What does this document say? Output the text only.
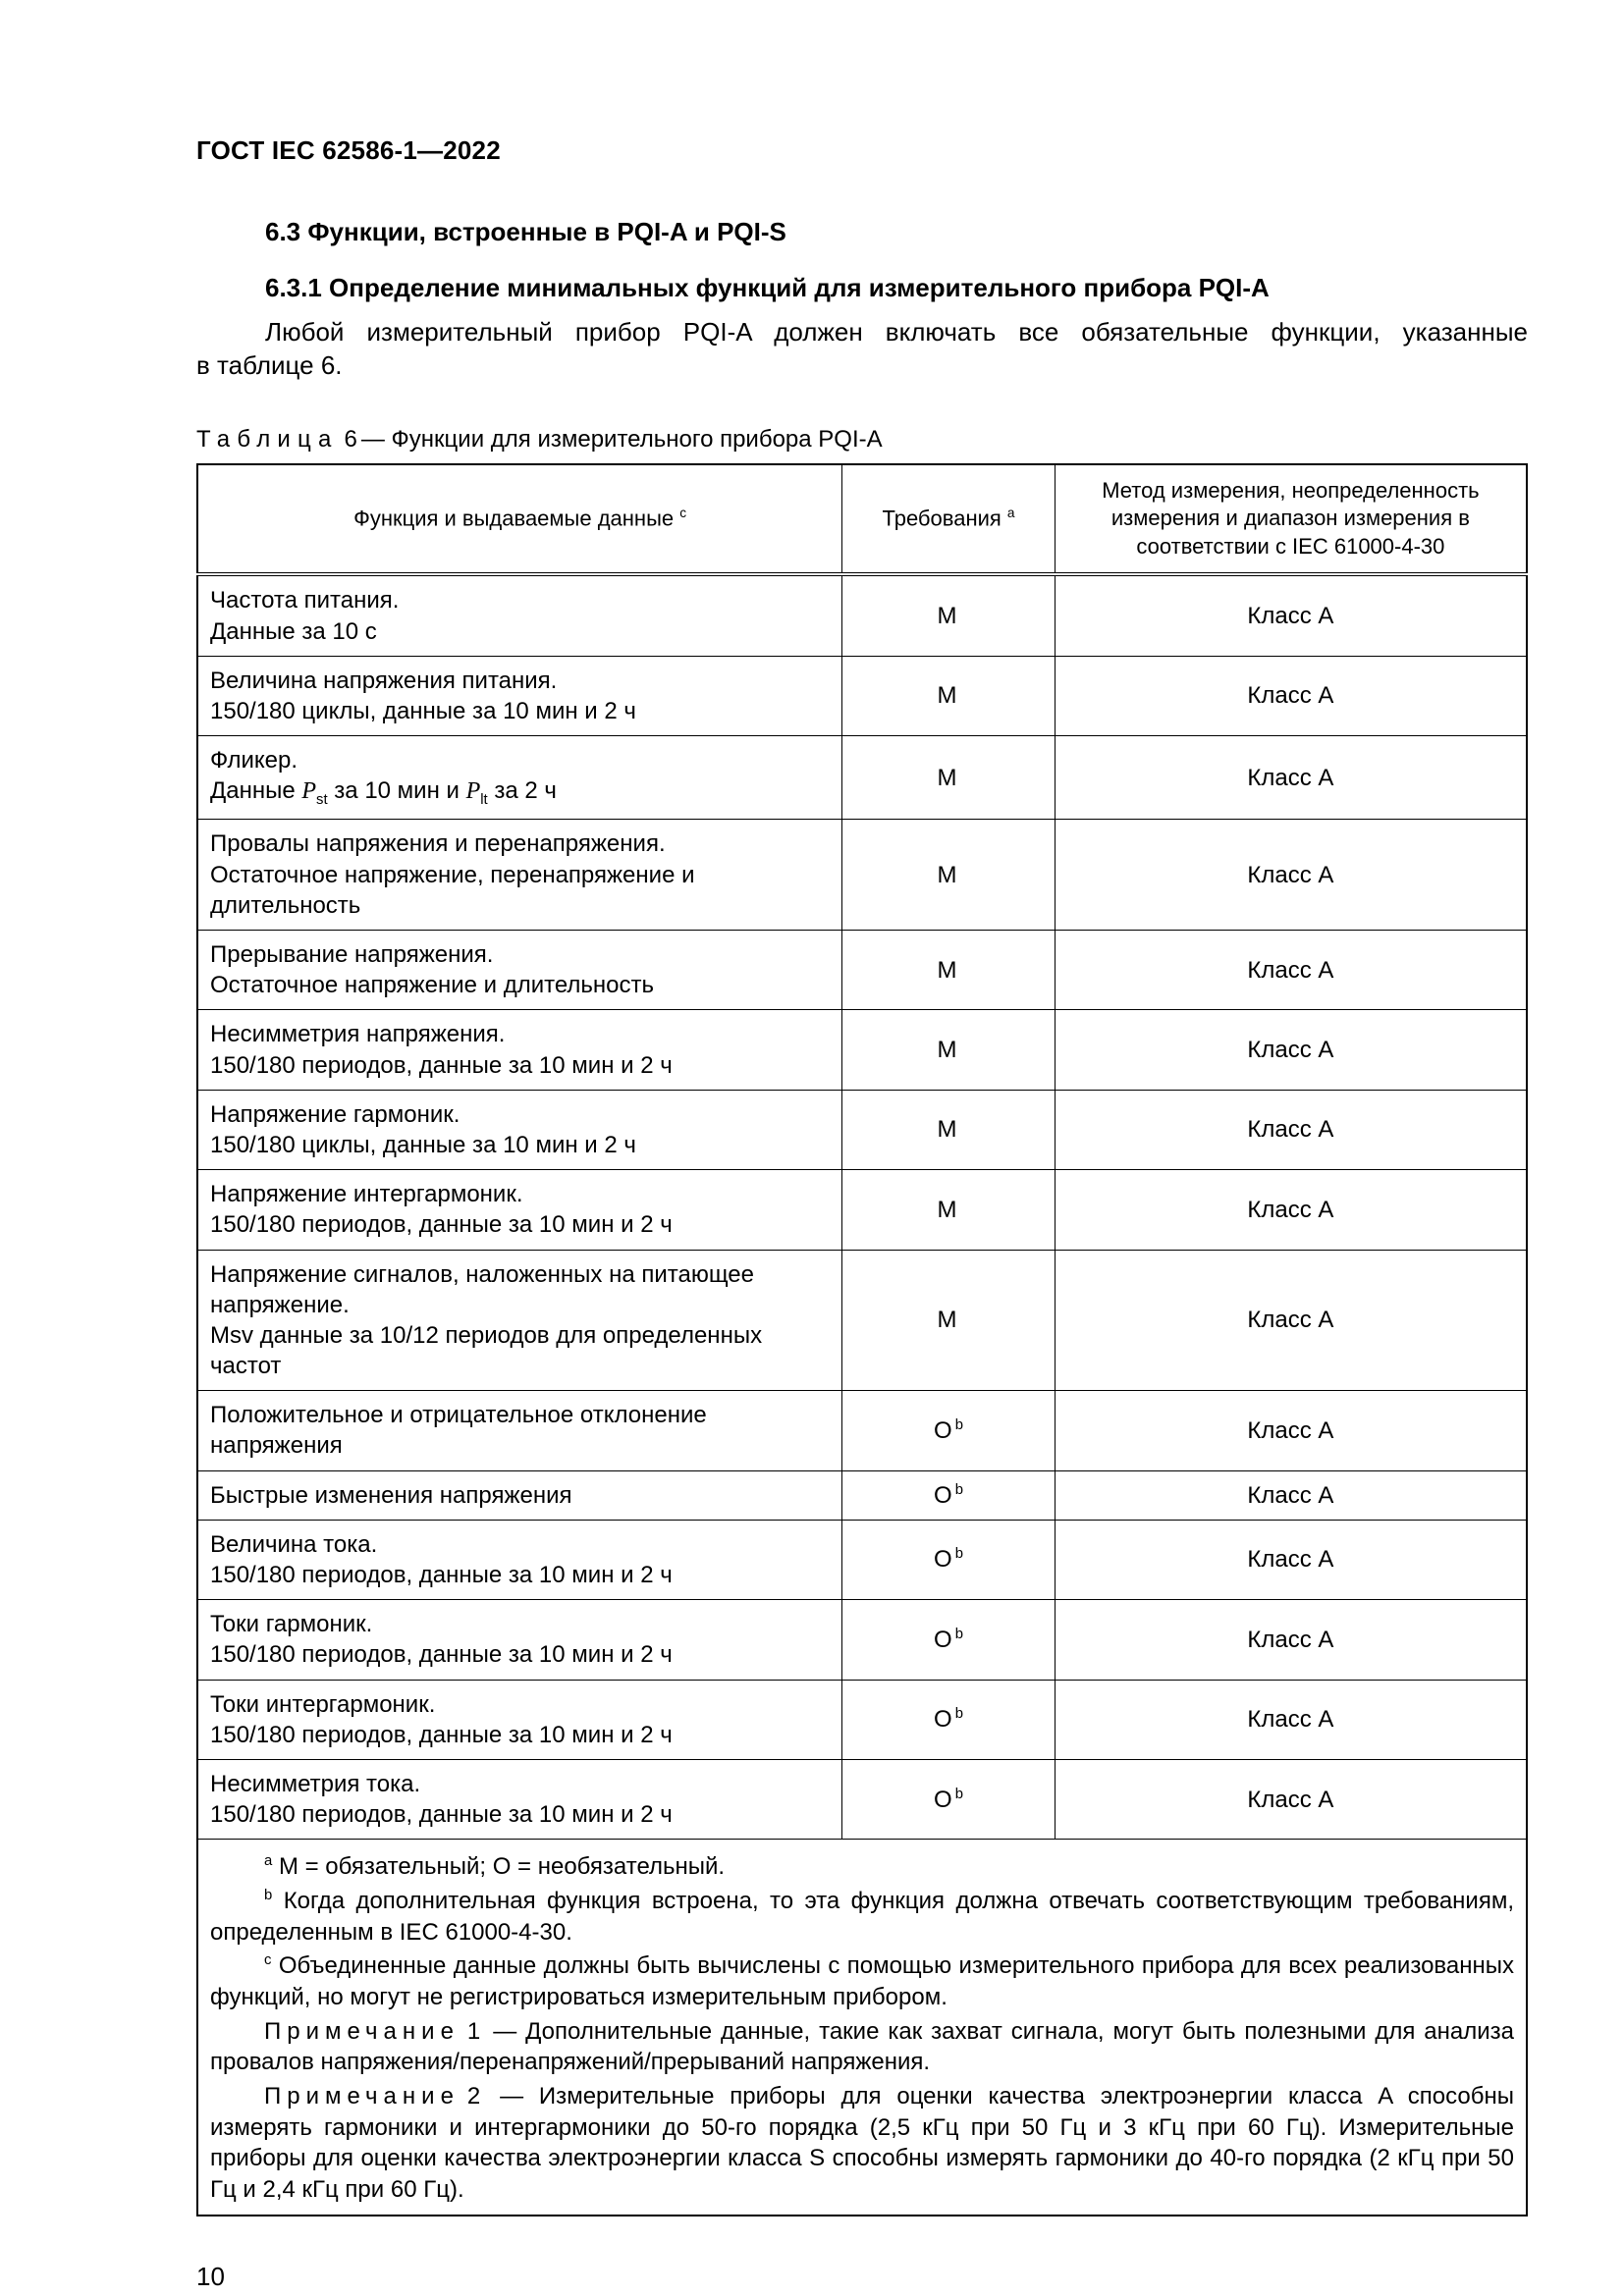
ГОСТ IEC 62586-1—2022
6.3 Функции, встроенные в PQI-A и PQI-S
6.3.1 Определение минимальных функций для измерительного прибора PQI-A

Любой измерительный прибор PQI-A должен включать все обязательные функции, указанные
в таблице 6.

Таблица 6 — Функции для измерительного прибора PQI-A

Функция и выдаваемые данные $^c$	Требования $^a$	Метод измерения, неопределенность измерения и диапазон измерения в соответствии с IEC 61000-4-30

Частота питания.
Данные за 10 с	M	Класс A

Величина напряжения питания.
150/180 циклы, данные за 10 мин и 2 ч	M	Класс A

Фликер.
Данные $P_{st}$ за 10 мин и $P_{lt}$ за 2 ч	M	Класс A

Провалы напряжения и перенапряжения.
Остаточное напряжение, перенапряжение и длительность	M	Класс A

Прерывание напряжения.
Остаточное напряжение и длительность	M	Класс A

Несимметрия напряжения.
150/180 периодов, данные за 10 мин и 2 ч	M	Класс A

Напряжение гармоник.
150/180 циклы, данные за 10 мин и 2 ч	M	Класс A

Напряжение интергармоник.
150/180 периодов, данные за 10 мин и 2 ч	M	Класс A

Напряжение сигналов, наложенных на питающее напряжение.
Msv данные за 10/12 периодов для определенных частот	M	Класс A

Положительное и отрицательное отклонение напряжения	О $^b$	Класс A

Быстрые изменения напряжения	О $^b$	Класс A

Величина тока.
150/180 периодов, данные за 10 мин и 2 ч	О $^b$	Класс A

Токи гармоник.
150/180 периодов, данные за 10 мин и 2 ч	О $^b$	Класс A

Токи интергармоник.
150/180 периодов, данные за 10 мин и 2 ч	О $^b$	Класс A

Несимметрия тока.
150/180 периодов, данные за 10 мин и 2 ч	О $^b$	Класс A

$^a$ M = обязательный; О = необязательный.

$^b$ Когда дополнительная функция встроена, то эта функция должна отвечать соответствующим требованиям, определенным в IEC 61000-4-30.

$^c$ Объединенные данные должны быть вычислены с помощью измерительного прибора для всех реализованных функций, но могут не регистрироваться измерительным прибором.

Примечание 1 — Дополнительные данные, такие как захват сигнала, могут быть полезными для анализа провалов напряжения/перенапряжений/прерываний напряжения.

Примечание 2 — Измерительные приборы для оценки качества электроэнергии класса A способны измерять гармоники и интергармоники до 50-го порядка (2,5 кГц при 50 Гц и 3 кГц при 60 Гц). Измерительные приборы для оценки качества электроэнергии класса S способны измерять гармоники до 40-го порядка (2 кГц при 50 Гц и 2,4 кГц при 60 Гц).		

10
